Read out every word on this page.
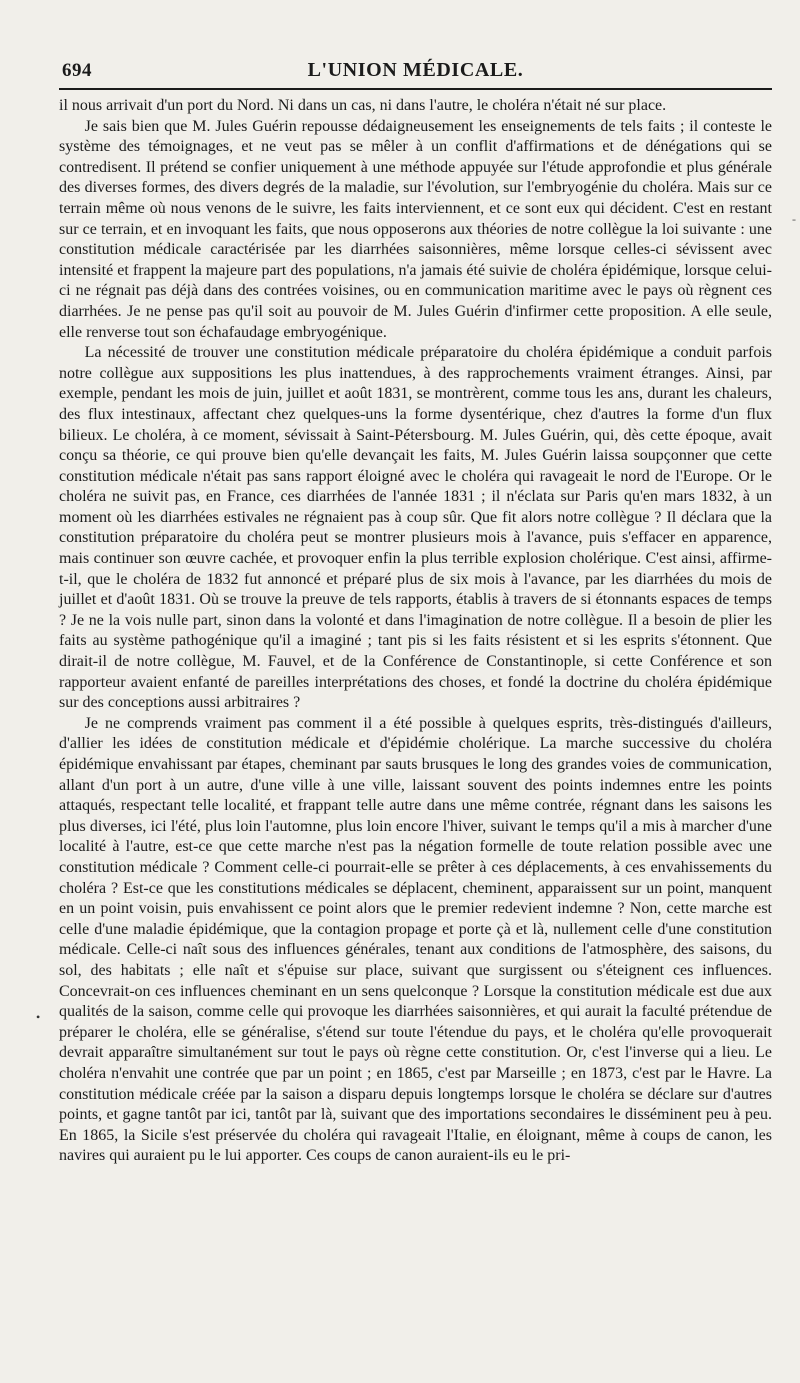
694	L'UNION MÉDICALE.

il nous arrivait d'un port du Nord. Ni dans un cas, ni dans l'autre, le choléra n'était né sur place.

Je sais bien que M. Jules Guérin repousse dédaigneusement les enseignements de tels faits ; il conteste le système des témoignages, et ne veut pas se mêler à un conflit d'affirmations et de dénégations qui se contredisent. Il prétend se confier uniquement à une méthode appuyée sur l'étude approfondie et plus générale des diverses formes, des divers degrés de la maladie, sur l'évolution, sur l'embryogénie du choléra. Mais sur ce terrain même où nous venons de le suivre, les faits interviennent, et ce sont eux qui décident. C'est en restant sur ce terrain, et en invoquant les faits, que nous opposerons aux théories de notre collègue la loi suivante : une constitution médicale caractérisée par les diarrhées saisonnières, même lorsque celles-ci sévissent avec intensité et frappent la majeure part des populations, n'a jamais été suivie de choléra épidémique, lorsque celui-ci ne régnait pas déjà dans des contrées voisines, ou en communication maritime avec le pays où règnent ces diarrhées. Je ne pense pas qu'il soit au pouvoir de M. Jules Guérin d'infirmer cette proposition. A elle seule, elle renverse tout son échafaudage embryogénique.

La nécessité de trouver une constitution médicale préparatoire du choléra épidémique a conduit parfois notre collègue aux suppositions les plus inattendues, à des rapprochements vraiment étranges. Ainsi, par exemple, pendant les mois de juin, juillet et août 1831, se montrèrent, comme tous les ans, durant les chaleurs, des flux intestinaux, affectant chez quelques-uns la forme dysentérique, chez d'autres la forme d'un flux bilieux. Le choléra, à ce moment, sévissait à Saint-Pétersbourg. M. Jules Guérin, qui, dès cette époque, avait conçu sa théorie, ce qui prouve bien qu'elle devançait les faits, M. Jules Guérin laissa soupçonner que cette constitution médicale n'était pas sans rapport éloigné avec le choléra qui ravageait le nord de l'Europe. Or le choléra ne suivit pas, en France, ces diarrhées de l'année 1831 ; il n'éclata sur Paris qu'en mars 1832, à un moment où les diarrhées estivales ne régnaient pas à coup sûr. Que fit alors notre collègue ? Il déclara que la constitution préparatoire du choléra peut se montrer plusieurs mois à l'avance, puis s'effacer en apparence, mais continuer son œuvre cachée, et provoquer enfin la plus terrible explosion cholérique. C'est ainsi, affirme-t-il, que le choléra de 1832 fut annoncé et préparé plus de six mois à l'avance, par les diarrhées du mois de juillet et d'août 1831. Où se trouve la preuve de tels rapports, établis à travers de si étonnants espaces de temps ? Je ne la vois nulle part, sinon dans la volonté et dans l'imagination de notre collègue. Il a besoin de plier les faits au système pathogénique qu'il a imaginé ; tant pis si les faits résistent et si les esprits s'étonnent. Que dirait-il de notre collègue, M. Fauvel, et de la Conférence de Constantinople, si cette Conférence et son rapporteur avaient enfanté de pareilles interprétations des choses, et fondé la doctrine du choléra épidémique sur des conceptions aussi arbitraires ?

Je ne comprends vraiment pas comment il a été possible à quelques esprits, très-distingués d'ailleurs, d'allier les idées de constitution médicale et d'épidémie cholérique. La marche successive du choléra épidémique envahissant par étapes, cheminant par sauts brusques le long des grandes voies de communication, allant d'un port à un autre, d'une ville à une ville, laissant souvent des points indemnes entre les points attaqués, respectant telle localité, et frappant telle autre dans une même contrée, régnant dans les saisons les plus diverses, ici l'été, plus loin l'automne, plus loin encore l'hiver, suivant le temps qu'il a mis à marcher d'une localité à l'autre, est-ce que cette marche n'est pas la négation formelle de toute relation possible avec une constitution médicale ? Comment celle-ci pourrait-elle se prêter à ces déplacements, à ces envahissements du choléra ? Est-ce que les constitutions médicales se déplacent, cheminent, apparaissent sur un point, manquent en un point voisin, puis envahissent ce point alors que le premier redevient indemne ? Non, cette marche est celle d'une maladie épidémique, que la contagion propage et porte çà et là, nullement celle d'une constitution médicale. Celle-ci naît sous des influences générales, tenant aux conditions de l'atmosphère, des saisons, du sol, des habitats ; elle naît et s'épuise sur place, suivant que surgissent ou s'éteignent ces influences. Concevrait-on ces influences cheminant en un sens quelconque ? Lorsque la constitution médicale est due aux qualités de la saison, comme celle qui provoque les diarrhées saisonnières, et qui aurait la faculté prétendue de préparer le choléra, elle se généralise, s'étend sur toute l'étendue du pays, et le choléra qu'elle provoquerait devrait apparaître simultanément sur tout le pays où règne cette constitution. Or, c'est l'inverse qui a lieu. Le choléra n'envahit une contrée que par un point ; en 1865, c'est par Marseille ; en 1873, c'est par le Havre. La constitution médicale créée par la saison a disparu depuis longtemps lorsque le choléra se déclare sur d'autres points, et gagne tantôt par ici, tantôt par là, suivant que des importations secondaires le disséminent peu à peu. En 1865, la Sicile s'est préservée du choléra qui ravageait l'Italie, en éloignant, même à coups de canon, les navires qui auraient pu le lui apporter. Ces coups de canon auraient-ils eu le pri-

-
•
